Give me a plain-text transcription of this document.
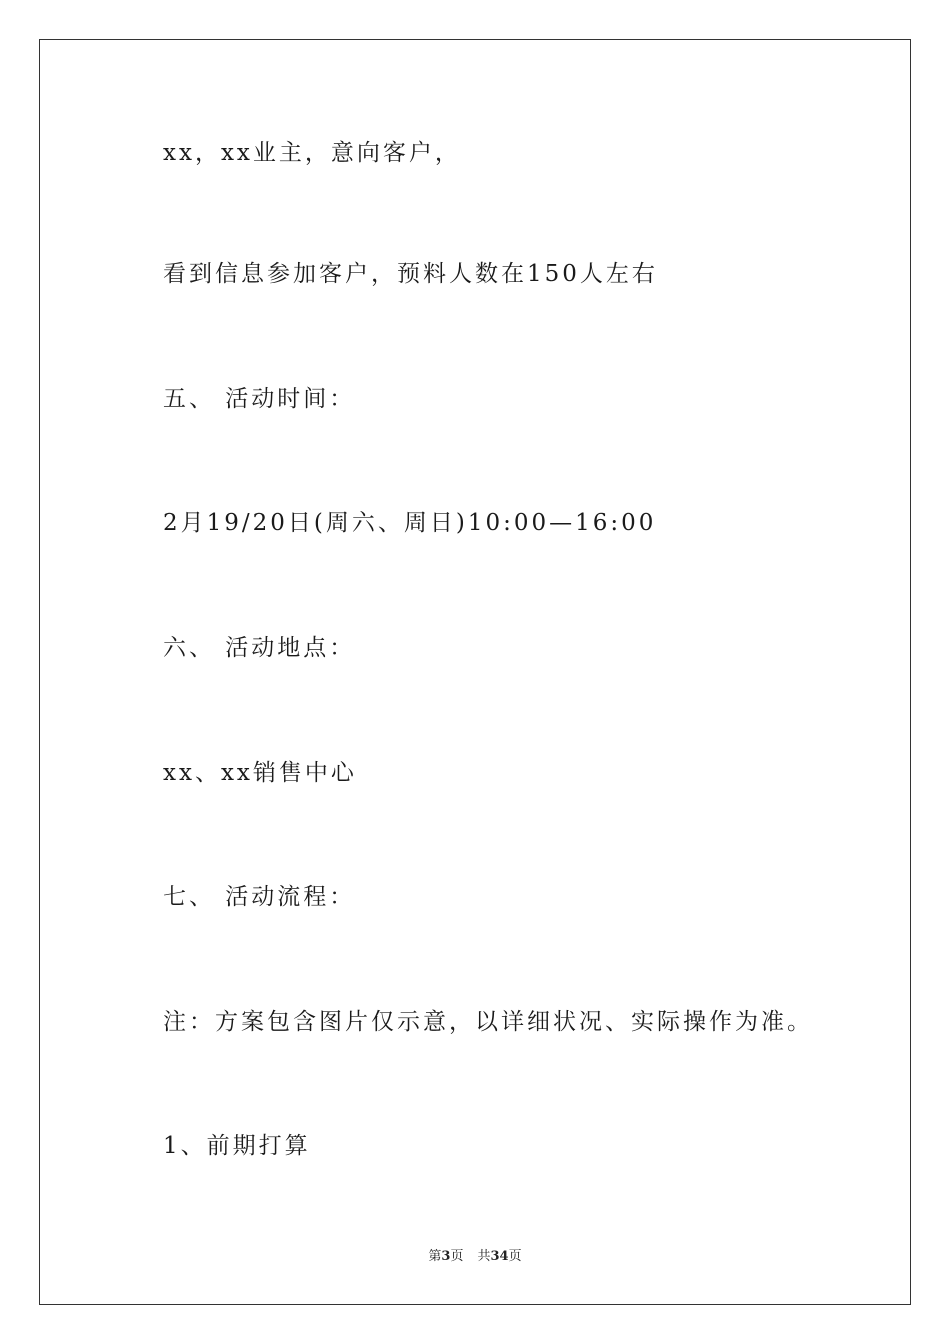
xx，xx业主，意向客户，
看到信息参加客户，预料人数在150人左右
五、 活动时间：
2月19/20日(周六、周日)10:00—16:00
六、 活动地点：
xx、xx销售中心
七、 活动流程：
注：方案包含图片仅示意，以详细状况、实际操作为准。
1、前期打算
第3页 共34页
